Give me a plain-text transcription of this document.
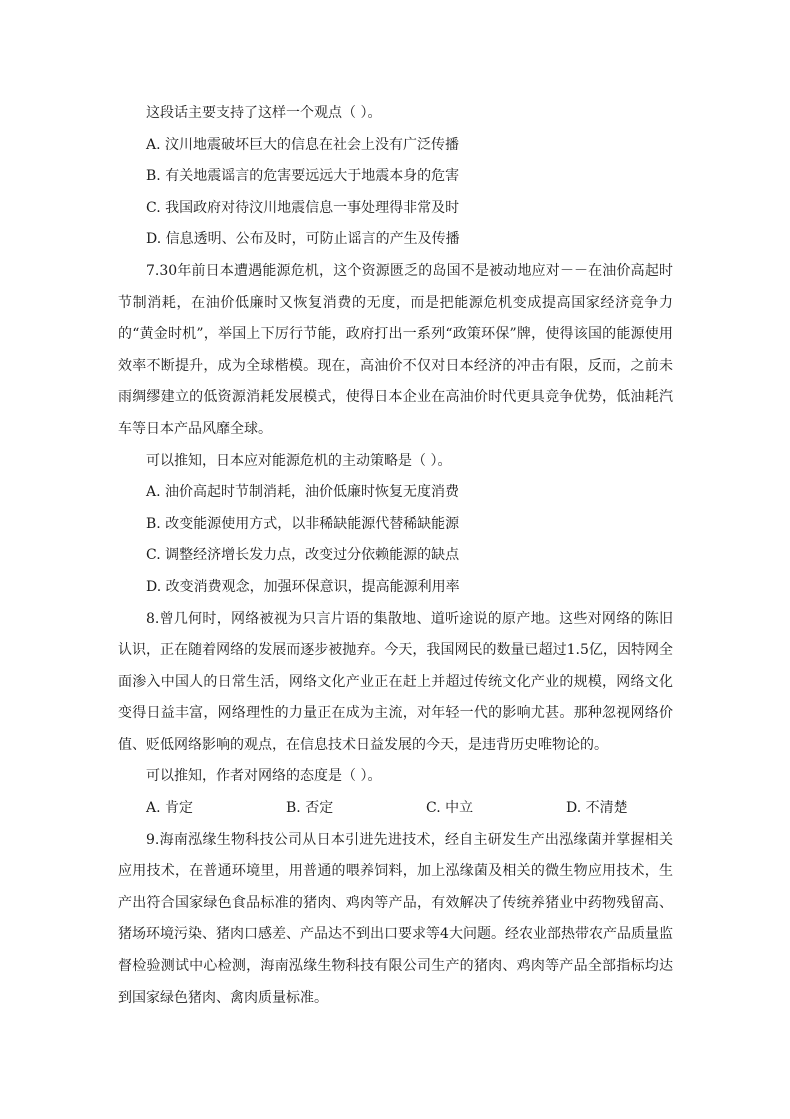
这段话主要支持了这样一个观点（ ）。

A. 汶川地震破坏巨大的信息在社会上没有广泛传播

B. 有关地震谣言的危害要远远大于地震本身的危害

C. 我国政府对待汶川地震信息一事处理得非常及时

D. 信息透明、公布及时，可防止谣言的产生及传播

7.30年前日本遭遇能源危机，这个资源匮乏的岛国不是被动地应对－－在油价高起时节制消耗，在油价低廉时又恢复消费的无度，而是把能源危机变成提高国家经济竞争力的“黄金时机”，举国上下厉行节能，政府打出一系列“政策环保”牌，使得该国的能源使用效率不断提升，成为全球楷模。现在，高油价不仅对日本经济的冲击有限，反而，之前未雨绸缪建立的低资源消耗发展模式，使得日本企业在高油价时代更具竞争优势，低油耗汽车等日本产品风靡全球。

可以推知，日本应对能源危机的主动策略是（ ）。

A. 油价高起时节制消耗，油价低廉时恢复无度消费

B. 改变能源使用方式，以非稀缺能源代替稀缺能源

C. 调整经济增长发力点，改变过分依赖能源的缺点

D. 改变消费观念，加强环保意识，提高能源利用率

8.曾几何时，网络被视为只言片语的集散地、道听途说的原产地。这些对网络的陈旧认识，正在随着网络的发展而逐步被抛弃。今天，我国网民的数量已超过1.5亿，因特网全面渗入中国人的日常生活，网络文化产业正在赶上并超过传统文化产业的规模，网络文化变得日益丰富，网络理性的力量正在成为主流，对年轻一代的影响尤甚。那种忽视网络价值、贬低网络影响的观点，在信息技术日益发展的今天，是违背历史唯物论的。

可以推知，作者对网络的态度是（ ）。

A. 肯定	B. 否定	C. 中立	D. 不清楚

9.海南泓缘生物科技公司从日本引进先进技术，经自主研发生产出泓缘菌并掌握相关应用技术，在普通环境里，用普通的喂养饲料，加上泓缘菌及相关的微生物应用技术，生产出符合国家绿色食品标准的猪肉、鸡肉等产品，有效解决了传统养猪业中药物残留高、猪场环境污染、猪肉口感差、产品达不到出口要求等4大问题。经农业部热带农产品质量监督检验测试中心检测，海南泓缘生物科技有限公司生产的猪肉、鸡肉等产品全部指标均达到国家绿色猪肉、禽肉质量标准。
